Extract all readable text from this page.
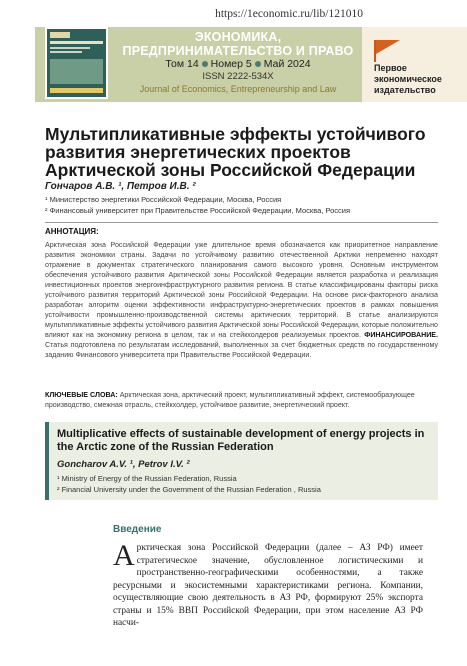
https://1economic.ru/lib/121010
ЭКОНОМИКА,
ПРЕДПРИНИМАТЕЛЬСТВО И ПРАВО
Том 14 Номер 5 Май 2024
ISSN 2222-534X
Journal of Economics, Entrepreneurship and Law
Первое
экономическое
издательство
Мультипликативные эффекты устойчивого развития энергетических проектов Арктической зоны Российской Федерации
Гончаров А.В. ¹, Петров И.В. ²
¹ Министерство энергетики Российской Федерации, Москва, Россия
² Финансовый университет при Правительстве Российской Федерации, Москва, Россия
АННОТАЦИЯ:
Арктическая зона Российской Федерации уже длительное время обозначается как приоритетное направление развития экономики страны. Задачи по устойчивому развитию отечественной Арктики непременно находят отражение в документах стратегического планирования самого высокого уровня. Основным инструментом обеспечения устойчивого развития Арктической зоны Российской Федерации является разработка и реализация инвестиционных проектов энергоинфраструктурного развития региона. В статье классифицированы факторы риска устойчивого развития территорий Арктической зоны Российской Федерации. На основе риск-факторного анализа разработан алгоритм оценки эффективности инфраструктурно-энергетических проектов в рамках повышения устойчивости промышленно-производственной системы арктических территорий. В статье анализируются мультипликативные эффекты устойчивого развития Арктической зоны Российской Федерации, которые положительно влияют как на экономику региона в целом, так и на стейкхолдеров реализуемых проектов. ФИНАНСИРОВАНИЕ. Статья подготовлена по результатам исследований, выполненных за счет бюджетных средств по государственному заданию Финансового университета при Правительстве Российской Федерации.
КЛЮЧЕВЫЕ СЛОВА: Арктическая зона, арктический проект, мультипликативный эффект, системообразующее производство, смежная отрасль, стейкхолдер, устойчивое развитие, энергетический проект.
Multiplicative effects of sustainable development of energy projects in the Arctic zone of the Russian Federation
Goncharov A.V. ¹, Petrov I.V. ²
¹ Ministry of Energy of the Russian Federation, Russia
² Financial University under the Government of the Russian Federation , Russia
Введение
Арктическая зона Российской Федерации (далее – АЗ РФ) имеет стратегическое значение, обусловленное логистическими и пространственно-географическими особенностями, а также ресурсными и экосистемными характеристиками региона. Компании, осуществляющие свою деятельность в АЗ РФ, формируют 25% экспорта страны и 15% ВВП Российской Федерации, при этом население АЗ РФ насчи-
